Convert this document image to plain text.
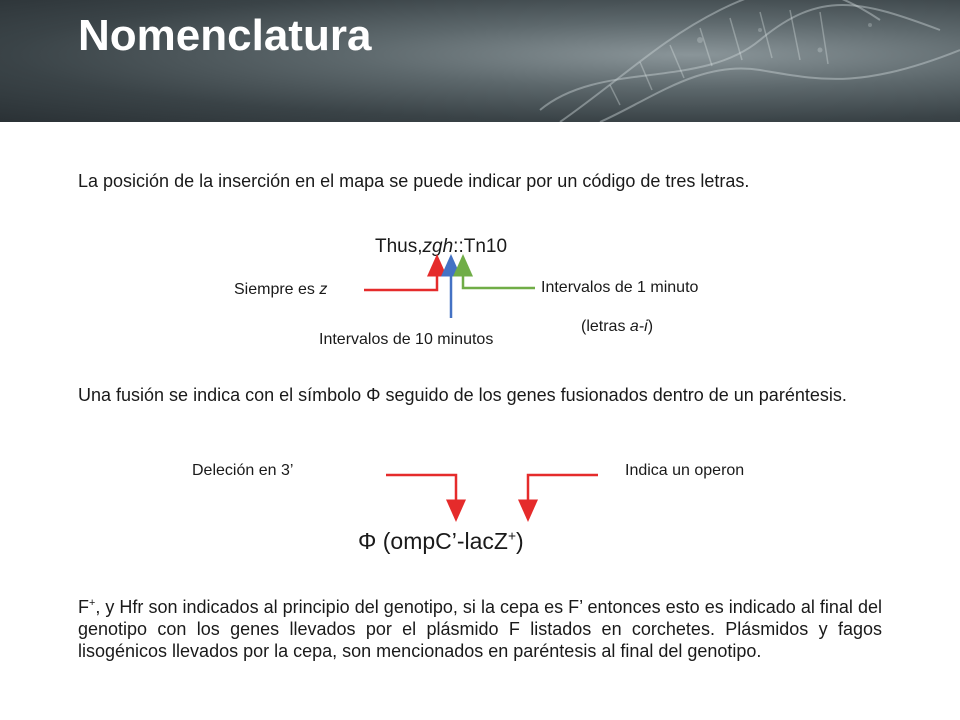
Nomenclatura

La posición de la inserción en el mapa se puede indicar por un código de tres letras.

Thus,zgh::Tn10
Siempre es z	Intervalos de 1 minuto
(letras a-i)
Intervalos de 10 minutos

Una fusión se indica con el símbolo Φ seguido de los genes fusionados dentro de un paréntesis.

Deleción en 3’	Indica un operon
Φ (ompC’-lacZ+)

F+, y Hfr son indicados al principio del genotipo, si la cepa es F’ entonces esto es indicado al final del genotipo con los genes llevados por el plásmido F listados en corchetes. Plásmidos y fagos lisogénicos llevados por la cepa, son mencionados en paréntesis al final del genotipo.
